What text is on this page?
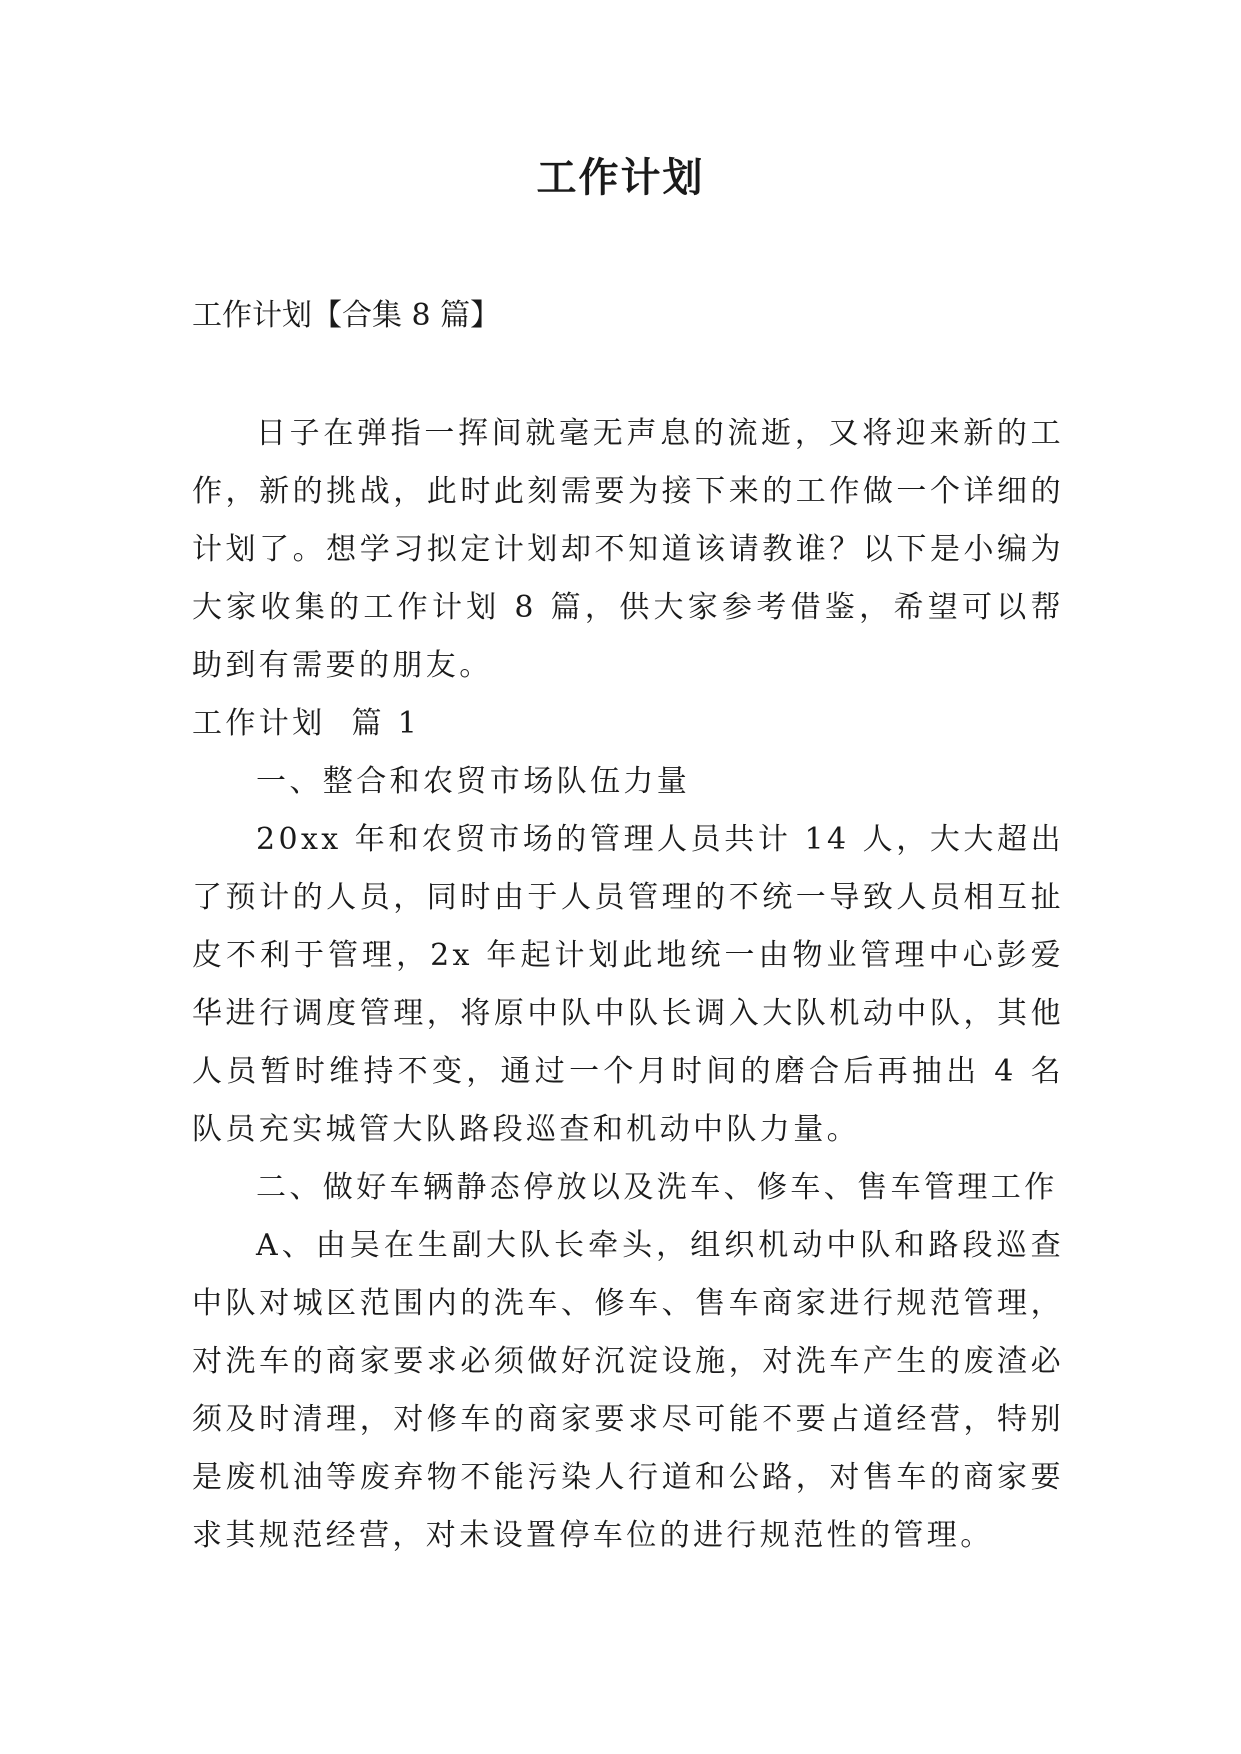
工作计划

工作计划【合集 8 篇】

日子在弹指一挥间就毫无声息的流逝，又将迎来新的工作，新的挑战，此时此刻需要为接下来的工作做一个详细的计划了。想学习拟定计划却不知道该请教谁？以下是小编为大家收集的工作计划 8 篇，供大家参考借鉴，希望可以帮助到有需要的朋友。

工作计划  篇 1

一、整合和农贸市场队伍力量

20xx 年和农贸市场的管理人员共计 14 人，大大超出了预计的人员，同时由于人员管理的不统一导致人员相互扯皮不利于管理，2x 年起计划此地统一由物业管理中心彭爱华进行调度管理，将原中队中队长调入大队机动中队，其他人员暂时维持不变，通过一个月时间的磨合后再抽出 4 名队员充实城管大队路段巡查和机动中队力量。

二、做好车辆静态停放以及洗车、修车、售车管理工作

A、由吴在生副大队长牵头，组织机动中队和路段巡查中队对城区范围内的洗车、修车、售车商家进行规范管理，对洗车的商家要求必须做好沉淀设施，对洗车产生的废渣必须及时清理，对修车的商家要求尽可能不要占道经营，特别是废机油等废弃物不能污染人行道和公路，对售车的商家要求其规范经营，对未设置停车位的进行规范性的管理。
